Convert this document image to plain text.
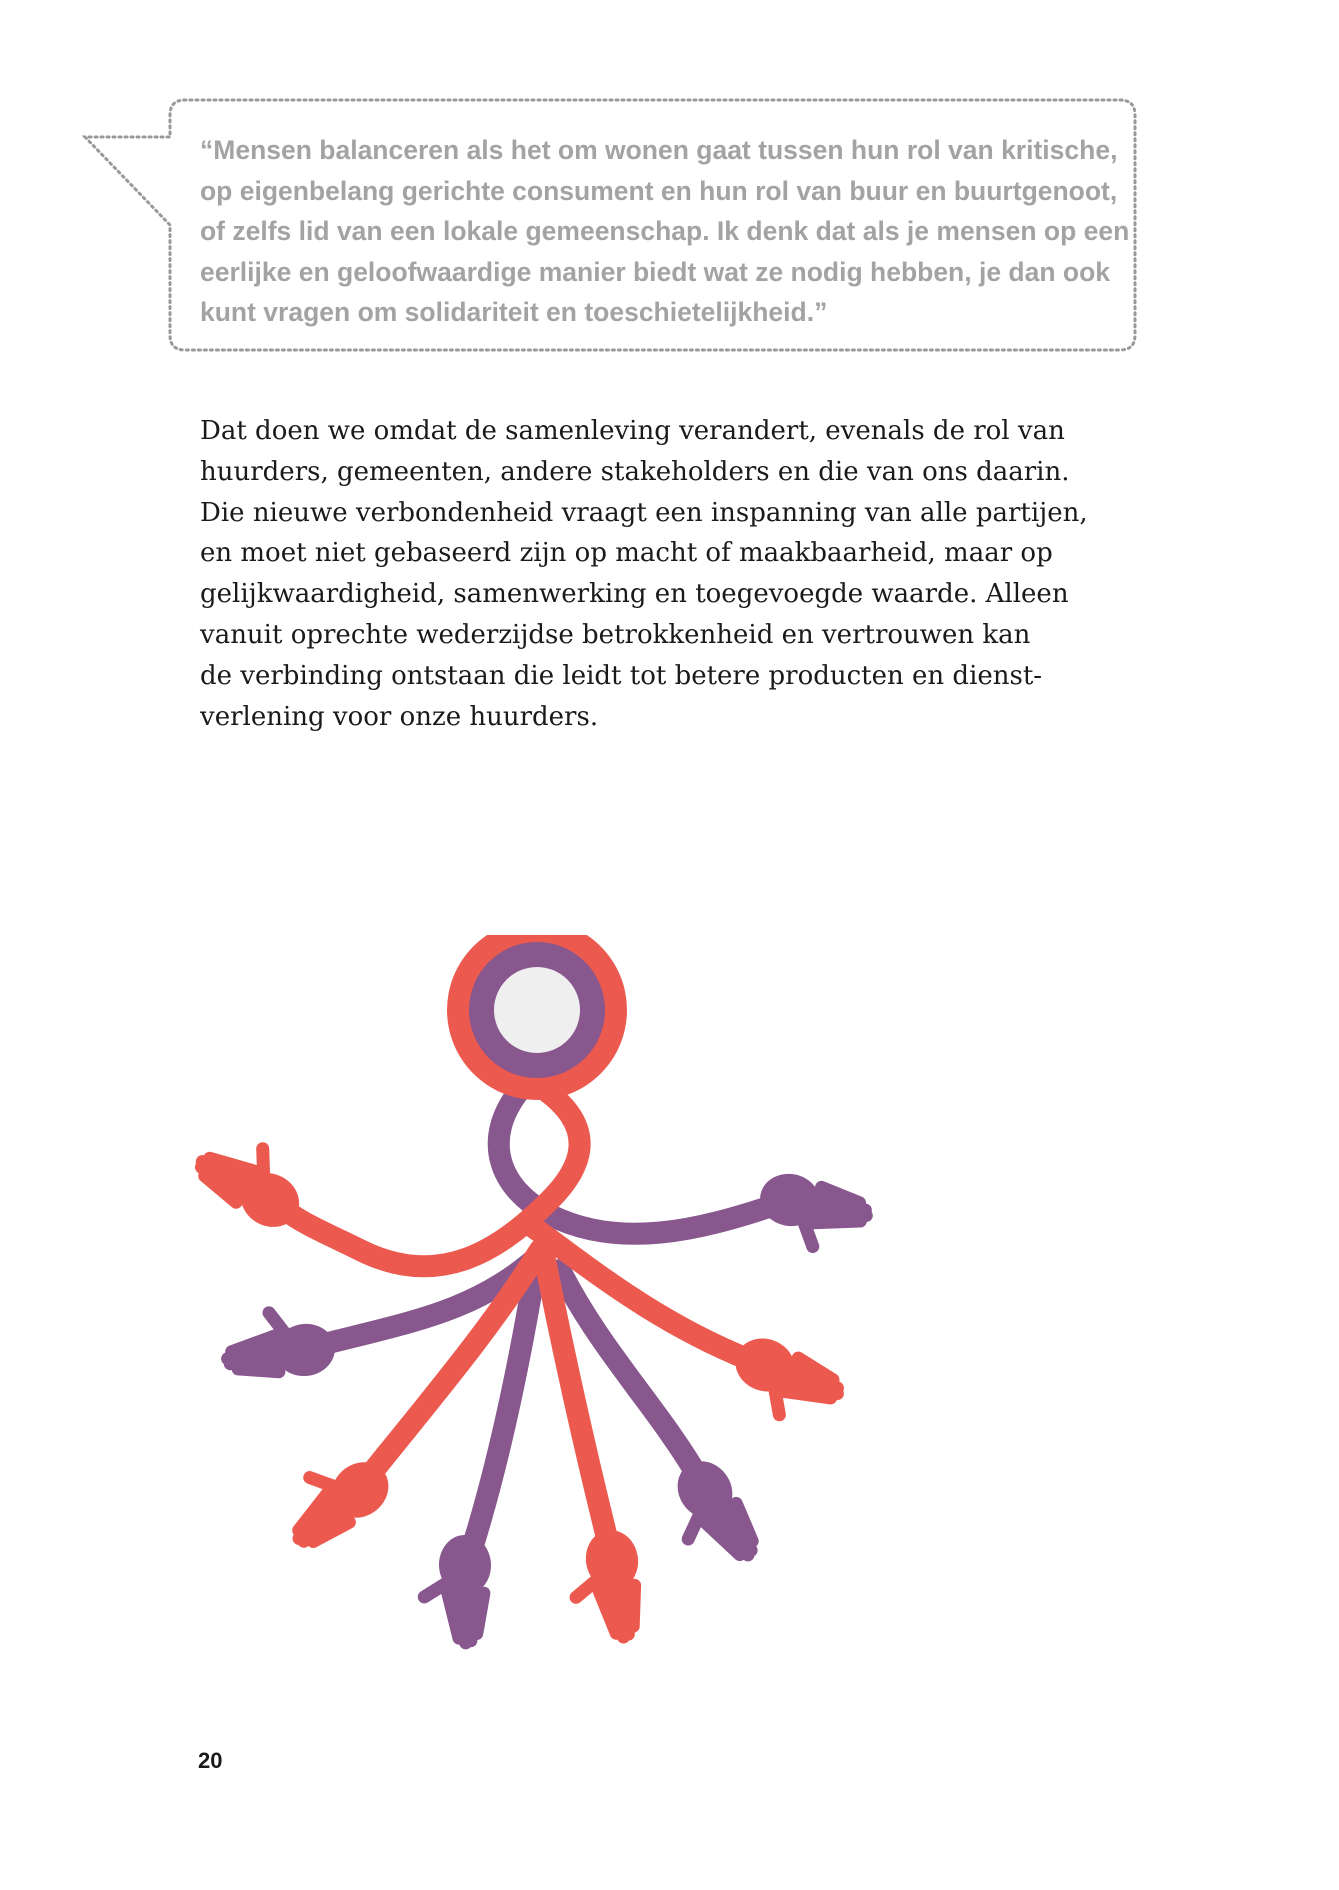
“Mensen balanceren als het om wonen gaat tussen hun rol van kritische,
op eigenbelang gerichte consument en hun rol van buur en buurtgenoot,
of zelfs lid van een lokale gemeenschap. Ik denk dat als je mensen op een
eerlijke en geloofwaardige manier biedt wat ze nodig hebben, je dan ook
kunt vragen om solidariteit en toeschietelijkheid.”
Dat doen we omdat de samenleving verandert, evenals de rol van
huurders, gemeenten, andere stakeholders en die van ons daarin.
Die nieuwe verbondenheid vraagt een inspanning van alle partijen,
en moet niet gebaseerd zijn op macht of maakbaarheid, maar op
gelijkwaardigheid, samenwerking en toegevoegde waarde. Alleen
vanuit oprechte wederzijdse betrokkenheid en vertrouwen kan
de verbinding ontstaan die leidt tot betere producten en dienst-
verlening voor onze huurders.
20
